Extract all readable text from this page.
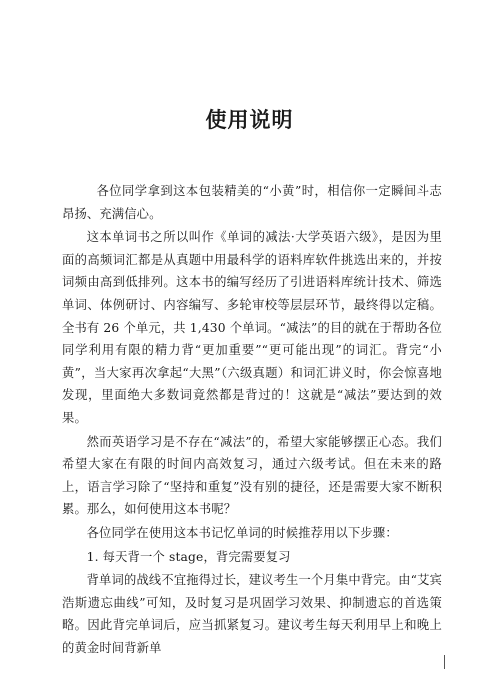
使用说明

各位同学拿到这本包装精美的“小黄”时，相信你一定瞬间斗志昂扬、充满信心。

这本单词书之所以叫作《单词的减法·大学英语六级》，是因为里面的高频词汇都是从真题中用最科学的语料库软件挑选出来的，并按词频由高到低排列。这本书的编写经历了引进语料库统计技术、筛选单词、体例研讨、内容编写、多轮审校等层层环节，最终得以定稿。全书有 26 个单元，共 1,430 个单词。“减法”的目的就在于帮助各位同学利用有限的精力背“更加重要”“更可能出现”的词汇。背完“小黄”，当大家再次拿起“大黑”（六级真题）和词汇讲义时，你会惊喜地发现，里面绝大多数词竟然都是背过的！这就是“减法”要达到的效果。

然而英语学习是不存在“减法”的，希望大家能够摆正心态。我们希望大家在有限的时间内高效复习，通过六级考试。但在未来的路上，语言学习除了“坚持和重复”没有别的捷径，还是需要大家不断积累。那么，如何使用这本书呢？

各位同学在使用这本书记忆单词的时候推荐用以下步骤：

1. 每天背一个 stage，背完需要复习

背单词的战线不宜拖得过长，建议考生一个月集中背完。由“艾宾浩斯遗忘曲线”可知，及时复习是巩固学习效果、抑制遗忘的首选策略。因此背完单词后，应当抓紧复习。建议考生每天利用早上和晚上的黄金时间背新单
